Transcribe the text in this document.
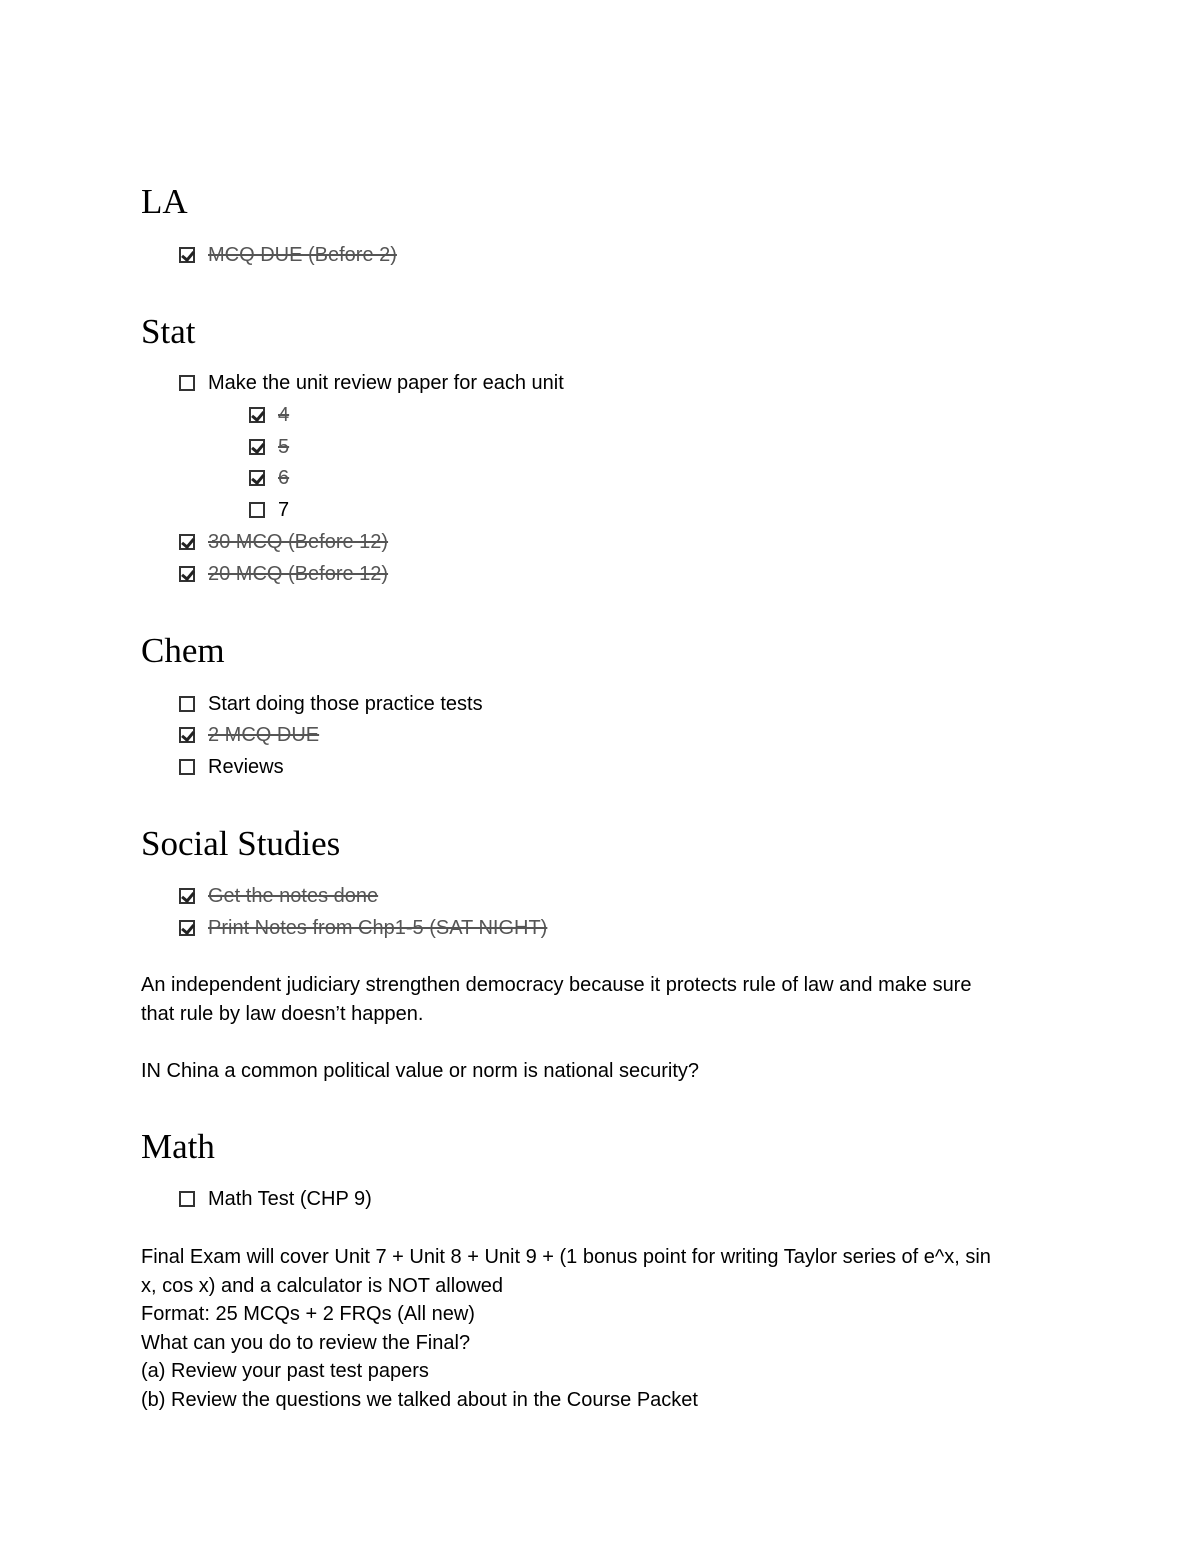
LA
MCQ DUE (Before 2)
Stat
Make the unit review paper for each unit
4
5
6
7
30 MCQ (Before 12)
20 MCQ (Before 12)
Chem
Start doing those practice tests
2 MCQ DUE
Reviews
Social Studies
Get the notes done
Print Notes from Chp1-5 (SAT NIGHT)

An independent judiciary strengthen democracy because it protects rule of law and make sure
that rule by law doesn’t happen.

IN China a common political value or norm is national security?

Math
Math Test (CHP 9)

Final Exam will cover Unit 7 + Unit 8 + Unit 9 + (1 bonus point for writing Taylor series of e^x, sin
x, cos x) and a calculator is NOT allowed
Format: 25 MCQs + 2 FRQs (All new)
What can you do to review the Final?
(a) Review your past test papers
(b) Review the questions we talked about in the Course Packet
